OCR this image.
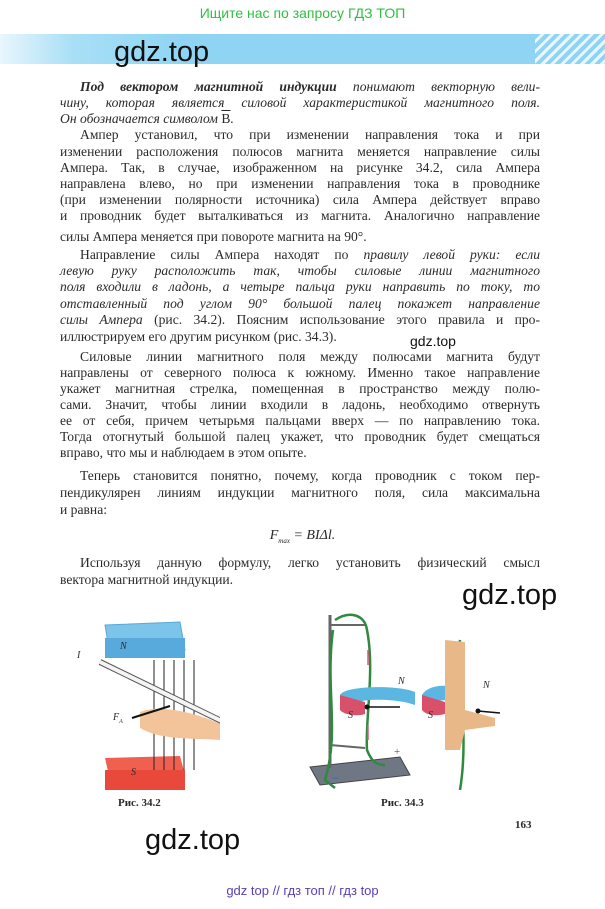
Ищите нас по запросу ГДЗ ТОП
gdz.top
Под вектором магнитной индукции понимают векторную вели-
чину, которая является силовой характеристикой магнитного поля.
Он обозначается символом $\overline{B}$.
Ампер установил, что при изменении направления тока и при
изменении расположения полюсов магнита меняется направление силы
Ампера. Так, в случае, изображенном на рисунке 34.2, сила Ампера
направлена влево, но при изменении направления тока в проводнике
(при изменении полярности источника) сила Ампера действует вправо
и проводник будет выталкиваться из магнита. Аналогично направление
силы Ампера меняется при повороте магнита на 90°.
Направление силы Ампера находят по правилу левой руки: если
левую руку расположить так, чтобы силовые линии магнитного
поля входили в ладонь, а четыре пальца руки направить по току, то
отставленный под углом 90° большой палец покажет направление
силы Ампера (рис. 34.2). Поясним использование этого правила и про-
иллюстрируем его другим рисунком (рис. 34.3).	gdz.top
Силовые линии магнитного поля между полюсами магнита будут
направлены от северного полюса к южному. Именно такое направление
укажет магнитная стрелка, помещенная в пространство между полю-
сами. Значит, чтобы линии входили в ладонь, необходимо отвернуть
ее от себя, причем четырьмя пальцами вверх — по направлению тока.
Тогда отогнутый большой палец укажет, что проводник будет смещаться
вправо, что мы и наблюдаем в этом опыте.
Теперь становится понятно, почему, когда проводник с током пер-
пендикулярен линиям индукции магнитного поля, сила максимальна
и равна:
$F_{max} = BI\Delta l$.
Используя данную формулу, легко установить физический смысл
вектора магнитной индукции.	gdz.top
I
N
$F_A$
S
Рис. 34.2
N
S
N
S
+
−
Рис. 34.3
163
gdz.top
gdz top // гдз топ // гдз top
